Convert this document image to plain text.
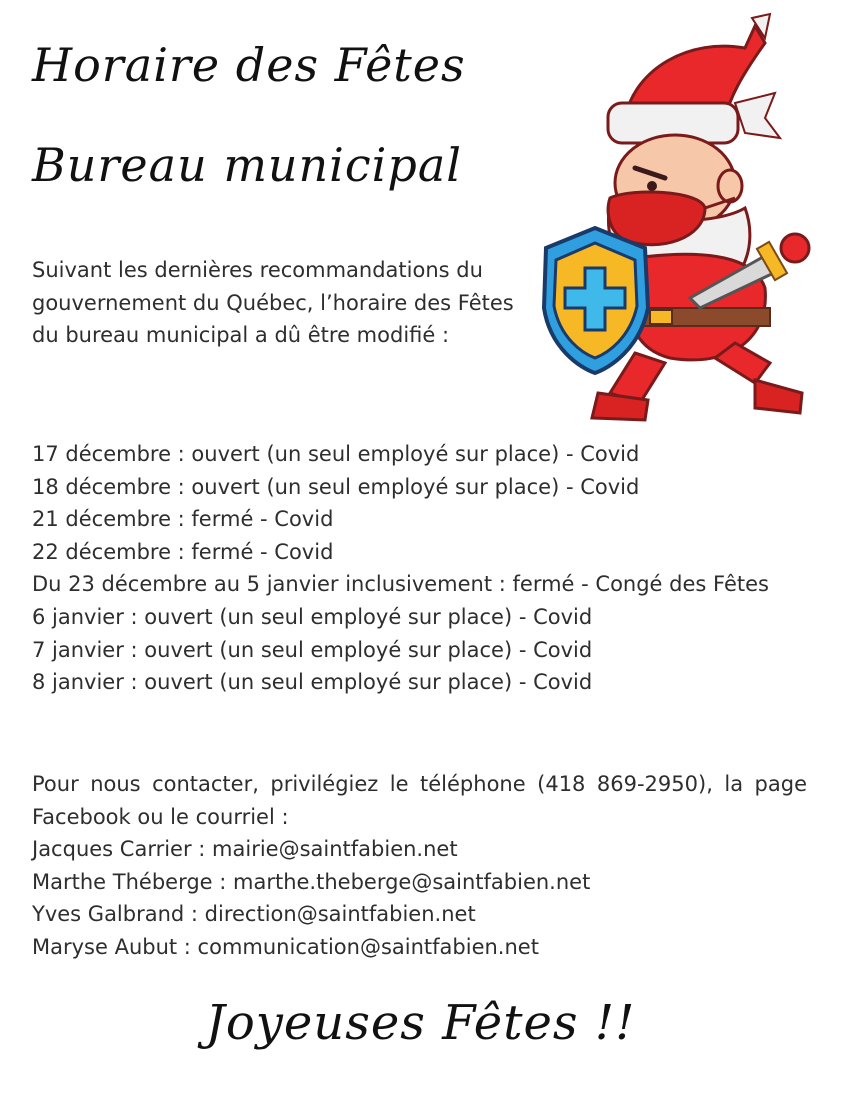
Horaire des Fêtes
Bureau municipal
Suivant les dernières recommandations du gouvernement du Québec, l’horaire des Fêtes du bureau municipal a dû être modifié :
17 décembre : ouvert (un seul employé sur place) - Covid
18 décembre : ouvert (un seul employé sur place) - Covid
21 décembre : fermé - Covid
22 décembre : fermé - Covid
Du 23 décembre au 5 janvier inclusivement : fermé - Congé des Fêtes
6 janvier : ouvert (un seul employé sur place) - Covid
7 janvier : ouvert (un seul employé sur place) - Covid
8 janvier : ouvert (un seul employé sur place) - Covid
Pour nous contacter, privilégiez le téléphone (418 869-2950), la page Facebook ou le courriel :
Jacques Carrier : mairie@saintfabien.net
Marthe Théberge : marthe.theberge@saintfabien.net
Yves Galbrand : direction@saintfabien.net
Maryse Aubut : communication@saintfabien.net
Joyeuses Fêtes !!
